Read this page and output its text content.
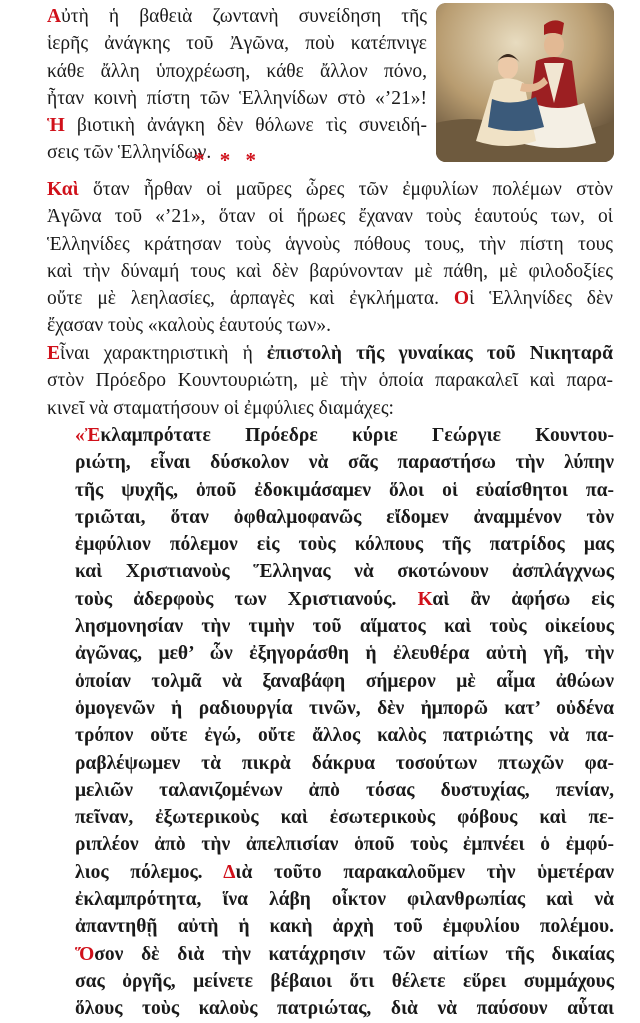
Αὐτὴ ἡ βαθειὰ ζωντανὴ συνείδηση τῆς
ἱερῆς ἀνάγκης τοῦ Ἀγῶνα, ποὺ κατέπνιγε
κάθε ἄλλη ὑποχρέωση, κάθε ἄλλον πόνο,
ἦταν κοινὴ πίστη τῶν Ἑλληνίδων στὸ «’21»!
Ἡ βιοτικὴ ἀνάγκη δὲν θόλωνε τὶς συνειδή-
σεις τῶν Ἑλληνίδων.
* * *
Καὶ ὅταν ἦρθαν οἱ μαῦρες ὧρες τῶν ἐμφυλίων πολέμων στὸν
Ἀγῶνα τοῦ «’21», ὅταν οἱ ἥρωες ἔχαναν τοὺς ἑαυτούς των, οἱ
Ἑλληνίδες κράτησαν τοὺς ἁγνοὺς πόθους τους, τὴν πίστη τους
καὶ τὴν δύναμή τους καὶ δὲν βαρύνονταν μὲ πάθη, μὲ φιλοδοξίες
οὔτε μὲ λεηλασίες, ἁρπαγὲς καὶ ἐγκλήματα. Οἱ Ἑλληνίδες δὲν
ἔχασαν τοὺς «καλοὺς ἑαυτούς των».
Εἶναι χαρακτηριστικὴ ἡ ἐπιστολὴ τῆς γυναίκας τοῦ Νικηταρᾶ
στὸν Πρόεδρο Κουντουριώτη, μὲ τὴν ὁποία παρακαλεῖ καὶ παρα-
κινεῖ νὰ σταματήσουν οἱ ἐμφύλιες διαμάχες:
«Ἐκλαμπρότατε Πρόεδρε κύριε Γεώργιε Κουντου-
ριώτη, εἶναι δύσκολον νὰ σᾶς παραστήσω τὴν λύπην
τῆς ψυχῆς, ὁποῦ ἐδοκιμάσαμεν ὅλοι οἱ εὐαίσθητοι πα-
τριῶται, ὅταν ὀφθαλμοφανῶς εἴδομεν ἀναμμένον τὸν
ἐμφύλιον πόλεμον εἰς τοὺς κόλπους τῆς πατρίδος μας
καὶ Χριστιανοὺς Ἕλληνας νὰ σκοτώνουν ἀσπλάγχνως
τοὺς ἀδερφοὺς των Χριστιανούς. Καὶ ἂν ἀφήσω εἰς
λησμονησίαν τὴν τιμὴν τοῦ αἵματος καὶ τοὺς οἰκείους
ἀγῶνας, μεθ’ ὧν ἐξηγοράσθη ἡ ἐλευθέρα αὐτὴ γῆ, τὴν
ὁποίαν τολμᾶ νὰ ξαναβάφη σήμερον μὲ αἷμα ἀθώων
ὁμογενῶν ἡ ραδιουργία τινῶν, δὲν ἠμπορῶ κατ’ οὐδένα
τρόπον οὔτε ἐγώ, οὔτε ἄλλος καλὸς πατριώτης νὰ πα-
ραβλέψωμεν τὰ πικρὰ δάκρυα τοσούτων πτωχῶν φα-
μελιῶν ταλανιζομένων ἀπὸ τόσας δυστυχίας, πενίαν,
πεῖναν, ἐξωτερικοὺς καὶ ἐσωτερικοὺς φόβους καὶ πε-
ριπλέον ἀπὸ τὴν ἀπελπισίαν ὁποῦ τοὺς ἐμπνέει ὁ ἐμφύ-
λιος πόλεμος. Διὰ τοῦτο παρακαλοῦμεν τὴν ὑμετέραν
ἐκλαμπρότητα, ἵνα λάβη οἶκτον φιλανθρωπίας καὶ νὰ
ἀπαντηθῇ αὐτὴ ἡ κακὴ ἀρχὴ τοῦ ἐμφυλίου πολέμου.
Ὅσον δὲ διὰ τὴν κατάχρησιν τῶν αἰτίων τῆς δικαίας
σας ὀργῆς, μείνετε βέβαιοι ὅτι θέλετε εὕρει συμμάχους
ὅλους τοὺς καλοὺς πατριώτας, διὰ νὰ παύσουν αὗται
